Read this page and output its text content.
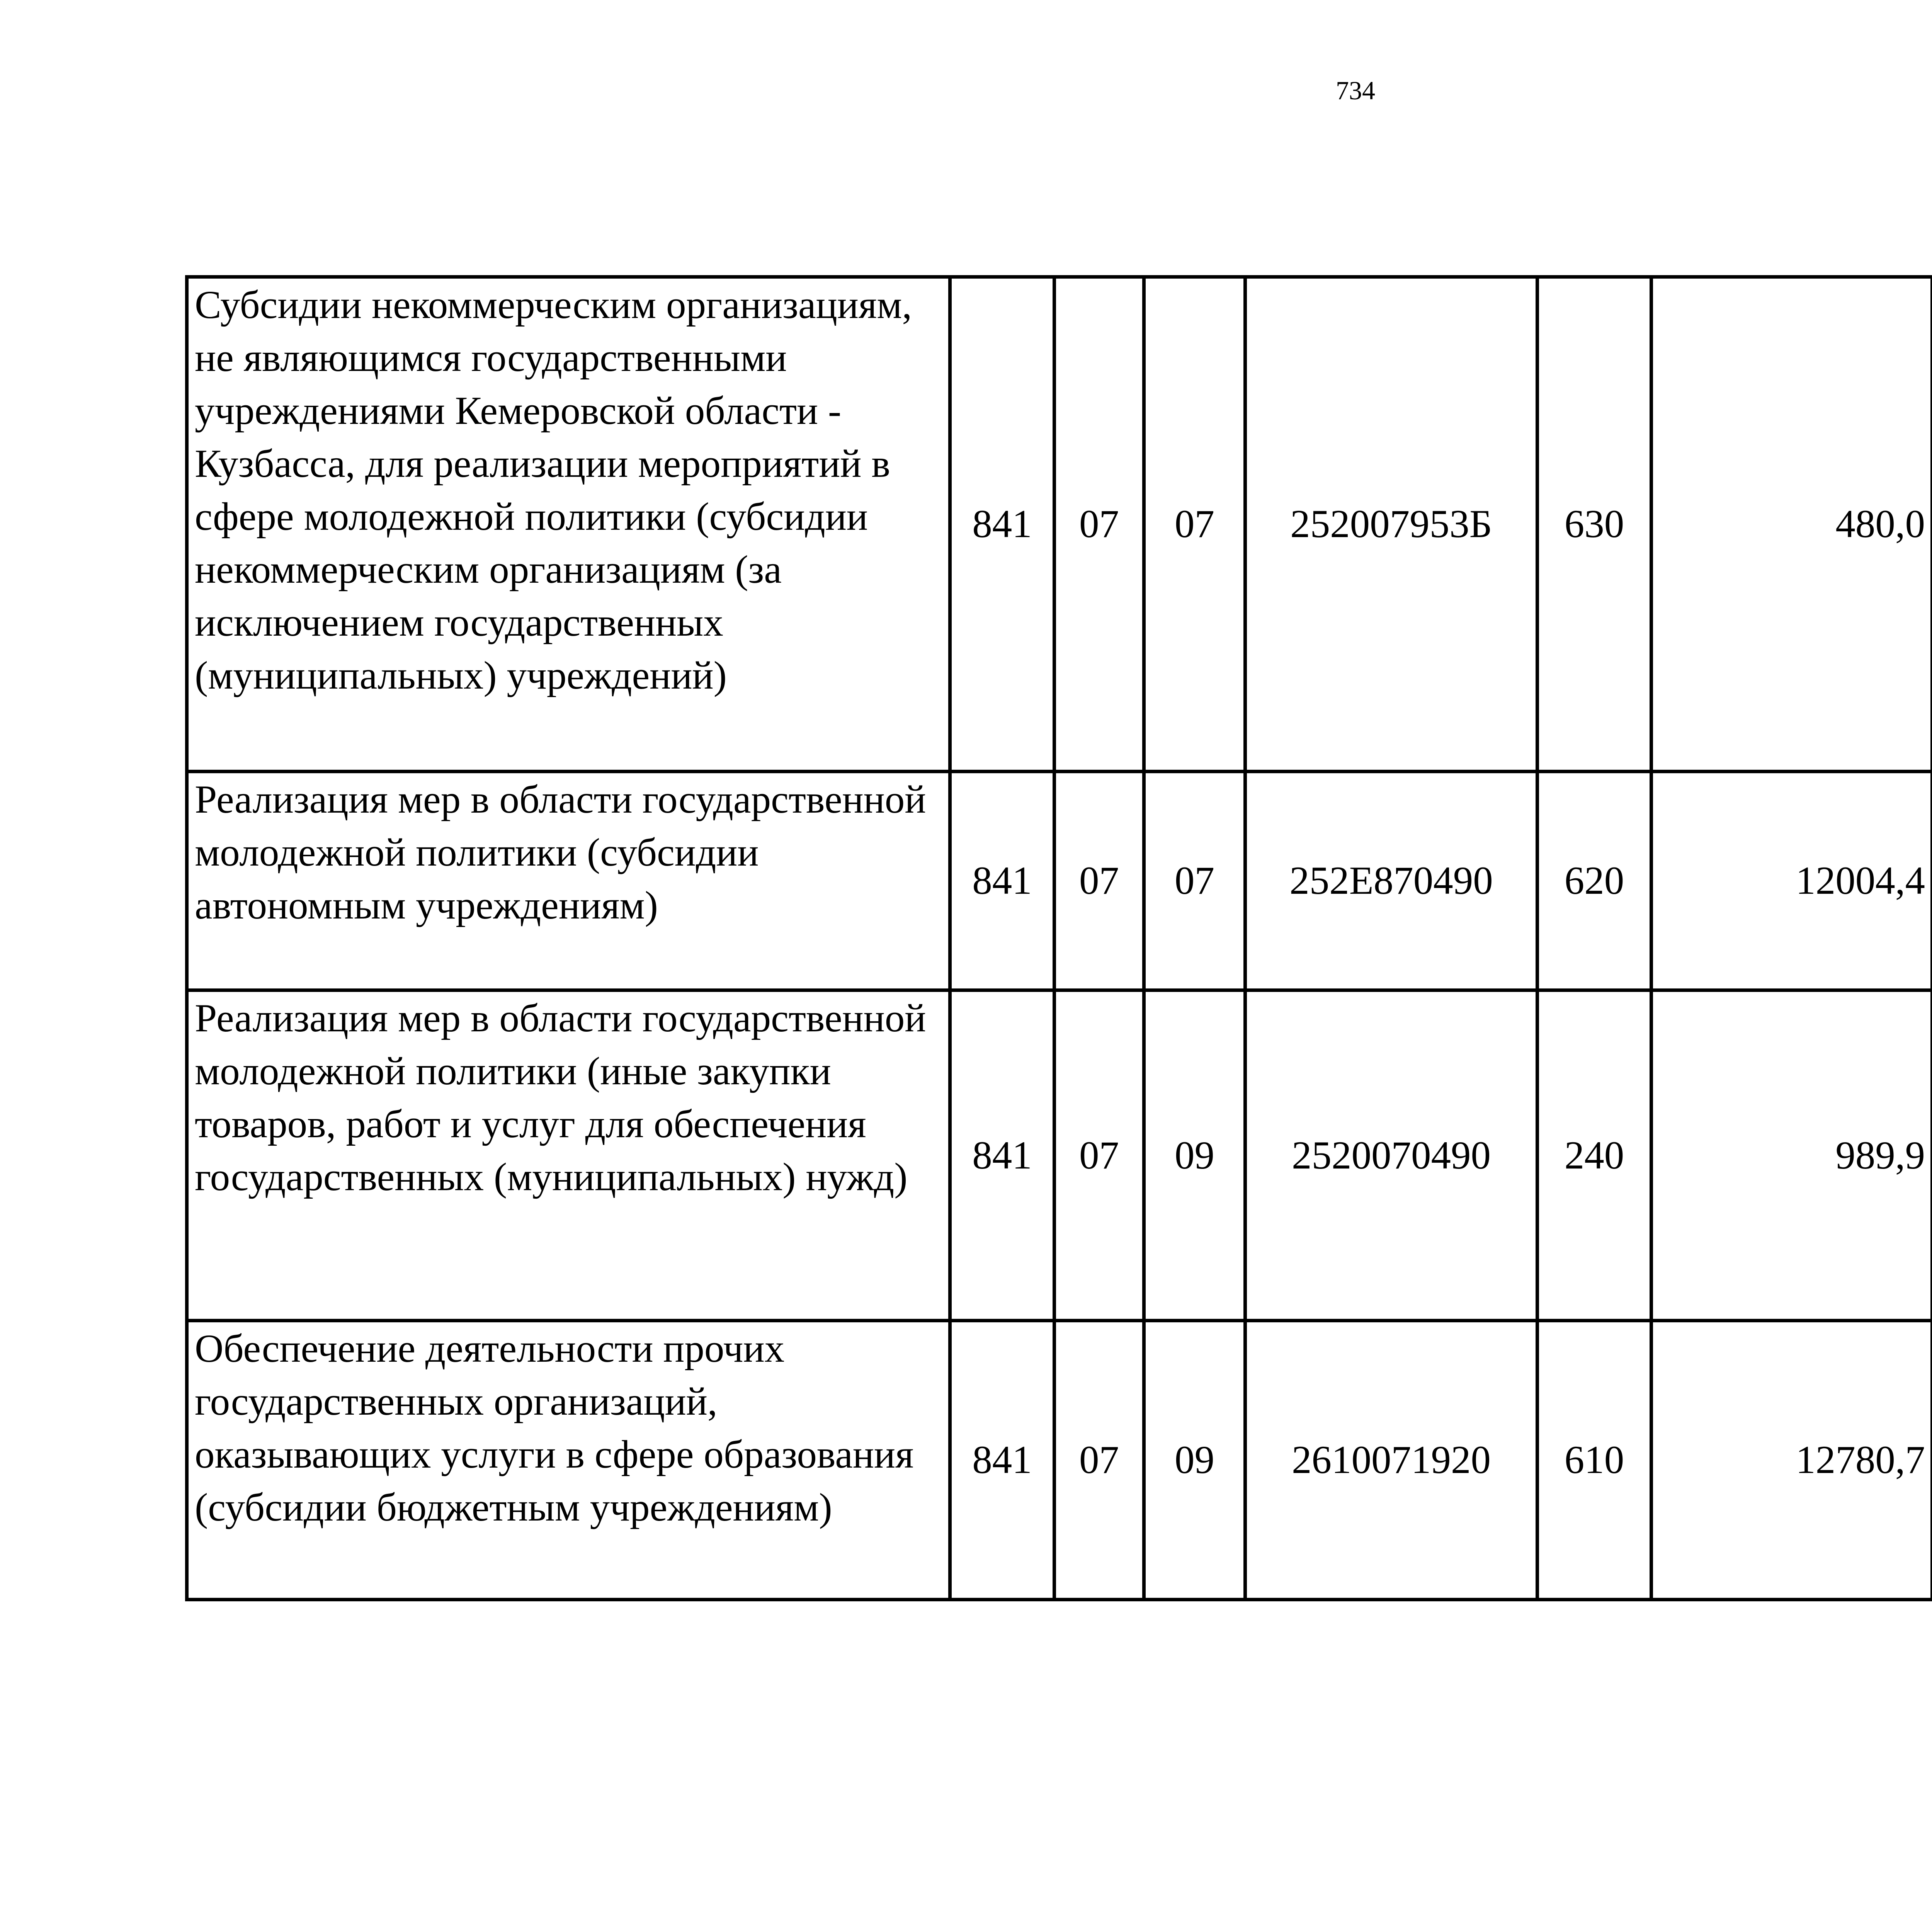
734
Субсидии некоммерческим организациям, не являющимся государственными учреждениями Кемеровской области - Кузбасса, для реализации мероприятий в сфере молодежной политики (субсидии некоммерческим организациям (за исключением государственных (муниципальных) учреждений)	841	07	07	252007953Б	630	480,0		
Реализация мер в области государственной молодежной политики (субсидии автономным учреждениям)	841	07	07	252E870490	620	12004,4		
Реализация мер в области государственной молодежной политики (иные закупки товаров, работ и услуг для обеспечения государственных (муниципальных) нужд)	841	07	09	2520070490	240	989,9		
Обеспечение деятельности прочих государственных организаций, оказывающих услуги в сфере образования (субсидии бюджетным учреждениям)	841	07	09	2610071920	610	12780,7		
